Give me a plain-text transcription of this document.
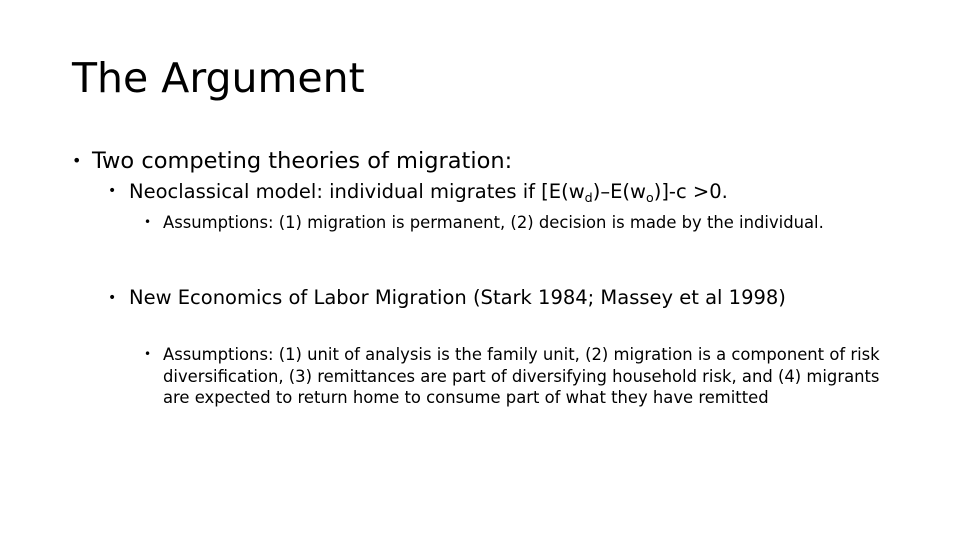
The Argument
• Two competing theories of migration:
• Neoclassical model: individual migrates if $[E(w_d)-E(w_o)]-c >0$.
• Assumptions: (1) migration is permanent, (2) decision is made by the individual.
• New Economics of Labor Migration (Stark 1984; Massey et al 1998)
• Assumptions: (1) unit of analysis is the family unit, (2) migration is a component of risk diversification, (3) remittances are part of diversifying household risk, and (4) migrants are expected to return home to consume part of what they have remitted
